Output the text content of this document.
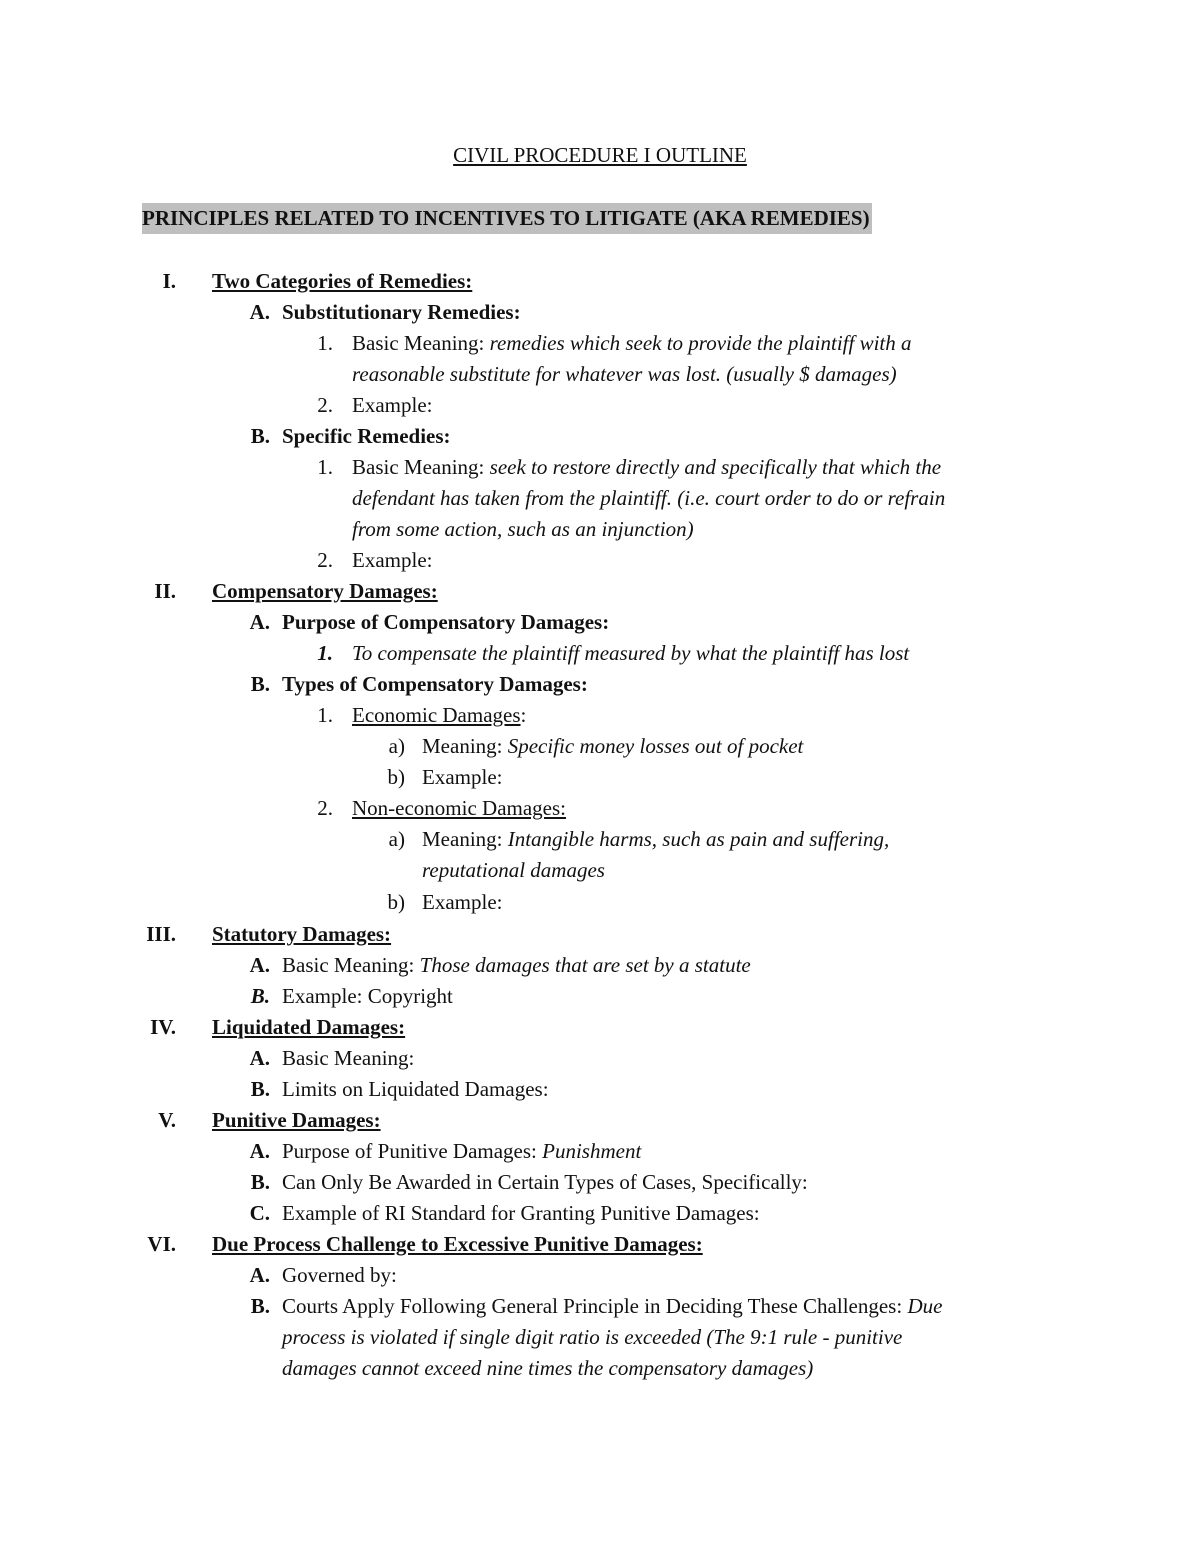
CIVIL PROCEDURE I OUTLINE
PRINCIPLES RELATED TO INCENTIVES TO LITIGATE (AKA REMEDIES)
I. Two Categories of Remedies:
A. Substitutionary Remedies:
1. Basic Meaning: remedies which seek to provide the plaintiff with a
reasonable substitute for whatever was lost. (usually $ damages)
2. Example:
B. Specific Remedies:
1. Basic Meaning: seek to restore directly and specifically that which the
defendant has taken from the plaintiff. (i.e. court order to do or refrain
from some action, such as an injunction)
2. Example:
II. Compensatory Damages:
A. Purpose of Compensatory Damages:
1. To compensate the plaintiff measured by what the plaintiff has lost
B. Types of Compensatory Damages:
1. Economic Damages:
a) Meaning: Specific money losses out of pocket
b) Example:
2. Non-economic Damages:
a) Meaning: Intangible harms, such as pain and suffering,
reputational damages
b) Example:
III. Statutory Damages:
A. Basic Meaning: Those damages that are set by a statute
B. Example: Copyright
IV. Liquidated Damages:
A. Basic Meaning:
B. Limits on Liquidated Damages:
V. Punitive Damages:
A. Purpose of Punitive Damages: Punishment
B. Can Only Be Awarded in Certain Types of Cases, Specifically:
C. Example of RI Standard for Granting Punitive Damages:
VI. Due Process Challenge to Excessive Punitive Damages:
A. Governed by:
B. Courts Apply Following General Principle in Deciding These Challenges: Due
process is violated if single digit ratio is exceeded (The 9:1 rule - punitive
damages cannot exceed nine times the compensatory damages)
